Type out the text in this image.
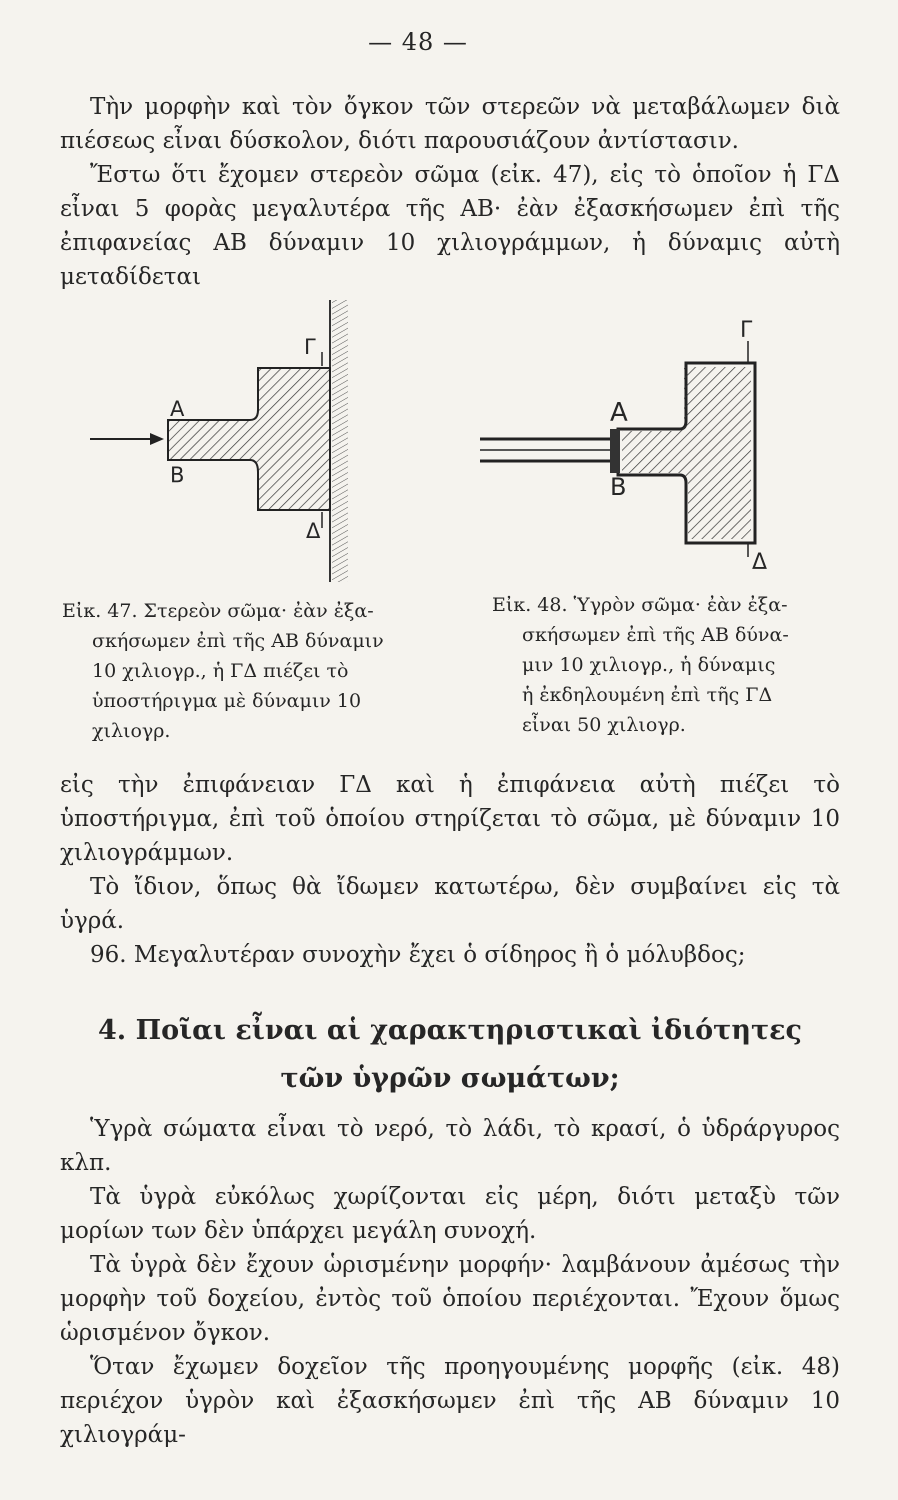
— 48 —

Τὴν μορφὴν καὶ τὸν ὄγκον τῶν στερεῶν νὰ μεταβάλωμεν διὰ πιέσεως εἶναι δύσκολον, διότι παρουσιάζουν ἀντίστασιν.

Ἔστω ὅτι ἔχομεν στερεὸν σῶμα (εἰκ. 47), εἰς τὸ ὁποῖον ἡ ΓΔ εἶναι 5 φορὰς μεγαλυτέρα τῆς ΑΒ· ἐὰν ἐξασκήσωμεν ἐπὶ τῆς ἐπιφανείας ΑΒ δύναμιν 10 χιλιογράμμων, ἡ δύναμις αὐτὴ μεταδίδεται

Α
Β
Γ
Δ
Α
Β
Γ
Δ
Εἰκ. 47. Στερεὸν σῶμα· ἐὰν ἐξα-
σκήσωμεν ἐπὶ τῆς ΑΒ δύναμιν
10 χιλιογρ., ἡ ΓΔ πιέζει τὸ
ὑποστήριγμα μὲ δύναμιν 10
χιλιογρ.
Εἰκ. 48. Ὑγρὸν σῶμα· ἐὰν ἐξα-
σκήσωμεν ἐπὶ τῆς ΑΒ δύνα-
μιν 10 χιλιογρ., ἡ δύναμις
ἡ ἐκδηλουμένη ἐπὶ τῆς ΓΔ
εἶναι 50 χιλιογρ.

εἰς τὴν ἐπιφάνειαν ΓΔ καὶ ἡ ἐπιφάνεια αὐτὴ πιέζει τὸ ὑποστήριγμα, ἐπὶ τοῦ ὁποίου στηρίζεται τὸ σῶμα, μὲ δύναμιν 10 χιλιογράμμων.

Τὸ ἴδιον, ὅπως θὰ ἴδωμεν κατωτέρω, δὲν συμβαίνει εἰς τὰ ὑγρά.

96. Μεγαλυτέραν συνοχὴν ἔχει ὁ σίδηρος ἢ ὁ μόλυβδος;

4. Ποῖαι εἶναι αἱ χαρακτηριστικαὶ ἰδιότητες
τῶν ὑγρῶν σωμάτων;

Ὑγρὰ σώματα εἶναι τὸ νερό, τὸ λάδι, τὸ κρασί, ὁ ὑδράργυρος κλπ.

Τὰ ὑγρὰ εὐκόλως χωρίζονται εἰς μέρη, διότι μεταξὺ τῶν μορίων των δὲν ὑπάρχει μεγάλη συνοχή.

Τὰ ὑγρὰ δὲν ἔχουν ὡρισμένην μορφήν· λαμβάνουν ἀμέσως τὴν μορφὴν τοῦ δοχείου, ἐντὸς τοῦ ὁποίου περιέχονται. Ἔχουν ὅμως ὡρισμένον ὄγκον.

Ὅταν ἔχωμεν δοχεῖον τῆς προηγουμένης μορφῆς (εἰκ. 48) περιέχον ὑγρὸν καὶ ἐξασκήσωμεν ἐπὶ τῆς ΑΒ δύναμιν 10 χιλιογράμ-
